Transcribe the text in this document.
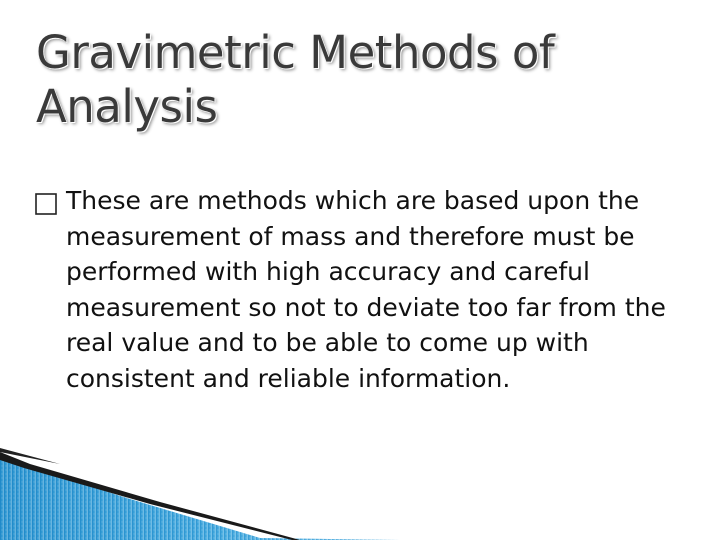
Gravimetric Methods of
Analysis
These are methods which are based upon the measurement of mass and therefore must be performed with high accuracy and careful measurement so not to deviate too far from the real value and to be able to come up with consistent and reliable information.
